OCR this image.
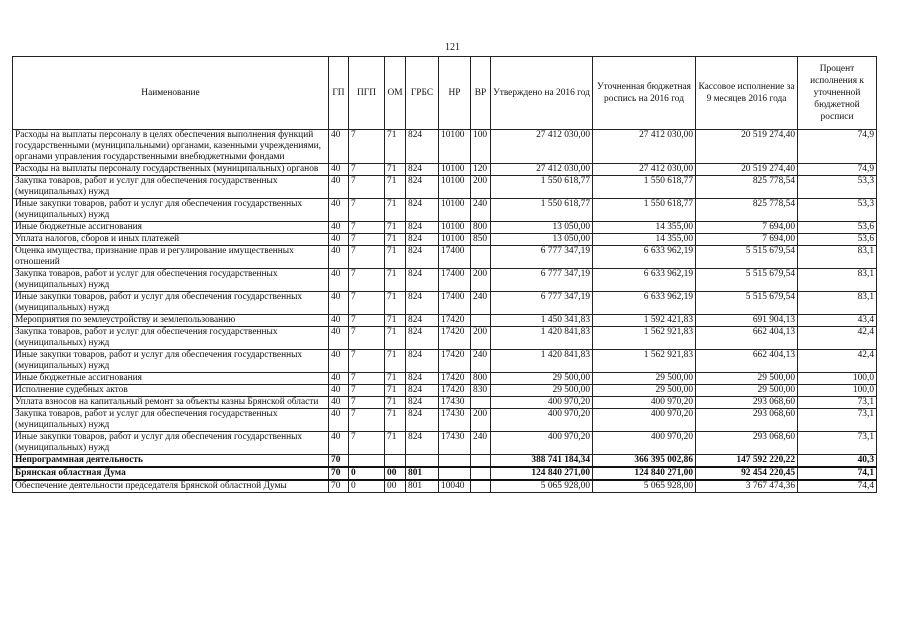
121
Наименование	ГП	ПГП	ОМ	ГРБС	НР	ВР	Утверждено на 2016 год	Уточненная бюджетная роспись на 2016 год	Кассовое исполнение за 9 месяцев 2016 года	Процент исполнения к уточненной бюджетной росписи
Расходы на выплаты персоналу в целях обеспечения выполнения функций государственными (муниципальными) органами, казенными учреждениями, органами управления государственными внебюджетными фондами	40	7	71	824	10100	100	27 412 030,00	27 412 030,00	20 519 274,40	74,9
Расходы на выплаты персоналу государственных (муниципальных) органов	40	7	71	824	10100	120	27 412 030,00	27 412 030,00	20 519 274,40	74,9
Закупка товаров, работ и услуг для обеспечения государственных (муниципальных) нужд	40	7	71	824	10100	200	1 550 618,77	1 550 618,77	825 778,54	53,3
Иные закупки товаров, работ и услуг для обеспечения государственных (муниципальных) нужд	40	7	71	824	10100	240	1 550 618,77	1 550 618,77	825 778,54	53,3
Иные бюджетные ассигнования	40	7	71	824	10100	800	13 050,00	14 355,00	7 694,00	53,6
Уплата налогов, сборов и иных платежей	40	7	71	824	10100	850	13 050,00	14 355,00	7 694,00	53,6
Оценка имущества, признание прав и регулирование имущественных отношений	40	7	71	824	17400		6 777 347,19	6 633 962,19	5 515 679,54	83,1
Закупка товаров, работ и услуг для обеспечения государственных (муниципальных) нужд	40	7	71	824	17400	200	6 777 347,19	6 633 962,19	5 515 679,54	83,1
Иные закупки товаров, работ и услуг для обеспечения государственных (муниципальных) нужд	40	7	71	824	17400	240	6 777 347,19	6 633 962,19	5 515 679,54	83,1
Мероприятия по землеустройству и землепользованию	40	7	71	824	17420		1 450 341,83	1 592 421,83	691 904,13	43,4
Закупка товаров, работ и услуг для обеспечения государственных (муниципальных) нужд	40	7	71	824	17420	200	1 420 841,83	1 562 921,83	662 404,13	42,4
Иные закупки товаров, работ и услуг для обеспечения государственных (муниципальных) нужд	40	7	71	824	17420	240	1 420 841,83	1 562 921,83	662 404,13	42,4
Иные бюджетные ассигнования	40	7	71	824	17420	800	29 500,00	29 500,00	29 500,00	100,0
Исполнение судебных актов	40	7	71	824	17420	830	29 500,00	29 500,00	29 500,00	100,0
Уплата взносов на капитальный ремонт за объекты казны Брянской области	40	7	71	824	17430		400 970,20	400 970,20	293 068,60	73,1
Закупка товаров, работ и услуг для обеспечения государственных (муниципальных) нужд	40	7	71	824	17430	200	400 970,20	400 970,20	293 068,60	73,1
Иные закупки товаров, работ и услуг для обеспечения государственных (муниципальных) нужд	40	7	71	824	17430	240	400 970,20	400 970,20	293 068,60	73,1
Непрограммная деятельность	70						388 741 184,34	366 395 002,86	147 592 220,22	40,3
Брянская областная Дума	70	0	00	801			124 840 271,00	124 840 271,00	92 454 220,45	74,1
Обеспечение деятельности председателя Брянской областной Думы	70	0	00	801	10040		5 065 928,00	5 065 928,00	3 767 474,36	74,4
